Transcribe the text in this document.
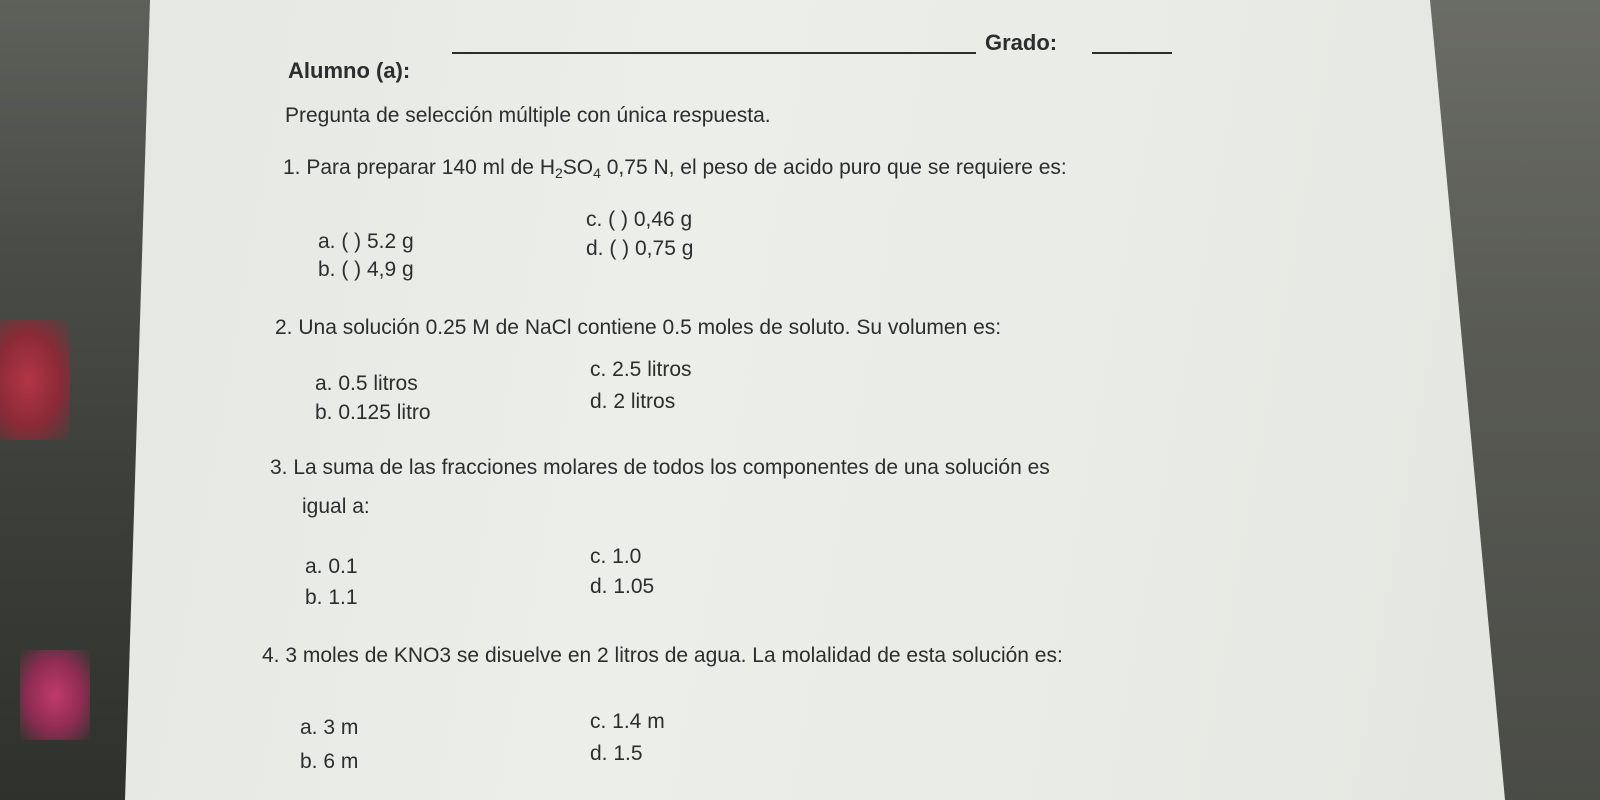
Alumno (a):
Grado:
Pregunta de selección múltiple con única respuesta.
1. Para preparar 140 ml de $H_2SO_4$ 0,75 N, el peso de acido puro que se requiere es:
a. ( ) 5.2 g
b. ( ) 4,9 g
c. ( ) 0,46 g
d. ( ) 0,75 g
2. Una solución 0.25 M de NaCl contiene 0.5 moles de soluto. Su volumen es:
a. 0.5 litros
b. 0.125 litro
c. 2.5 litros
d. 2 litros
3. La suma de las fracciones molares de todos los componentes de una solución es
igual a:
a. 0.1
b. 1.1
c. 1.0
d. 1.05
4. 3 moles de KNO3 se disuelve en 2 litros de agua. La molalidad de esta solución es:
a. 3 m
b. 6 m
c. 1.4 m
d. 1.5
